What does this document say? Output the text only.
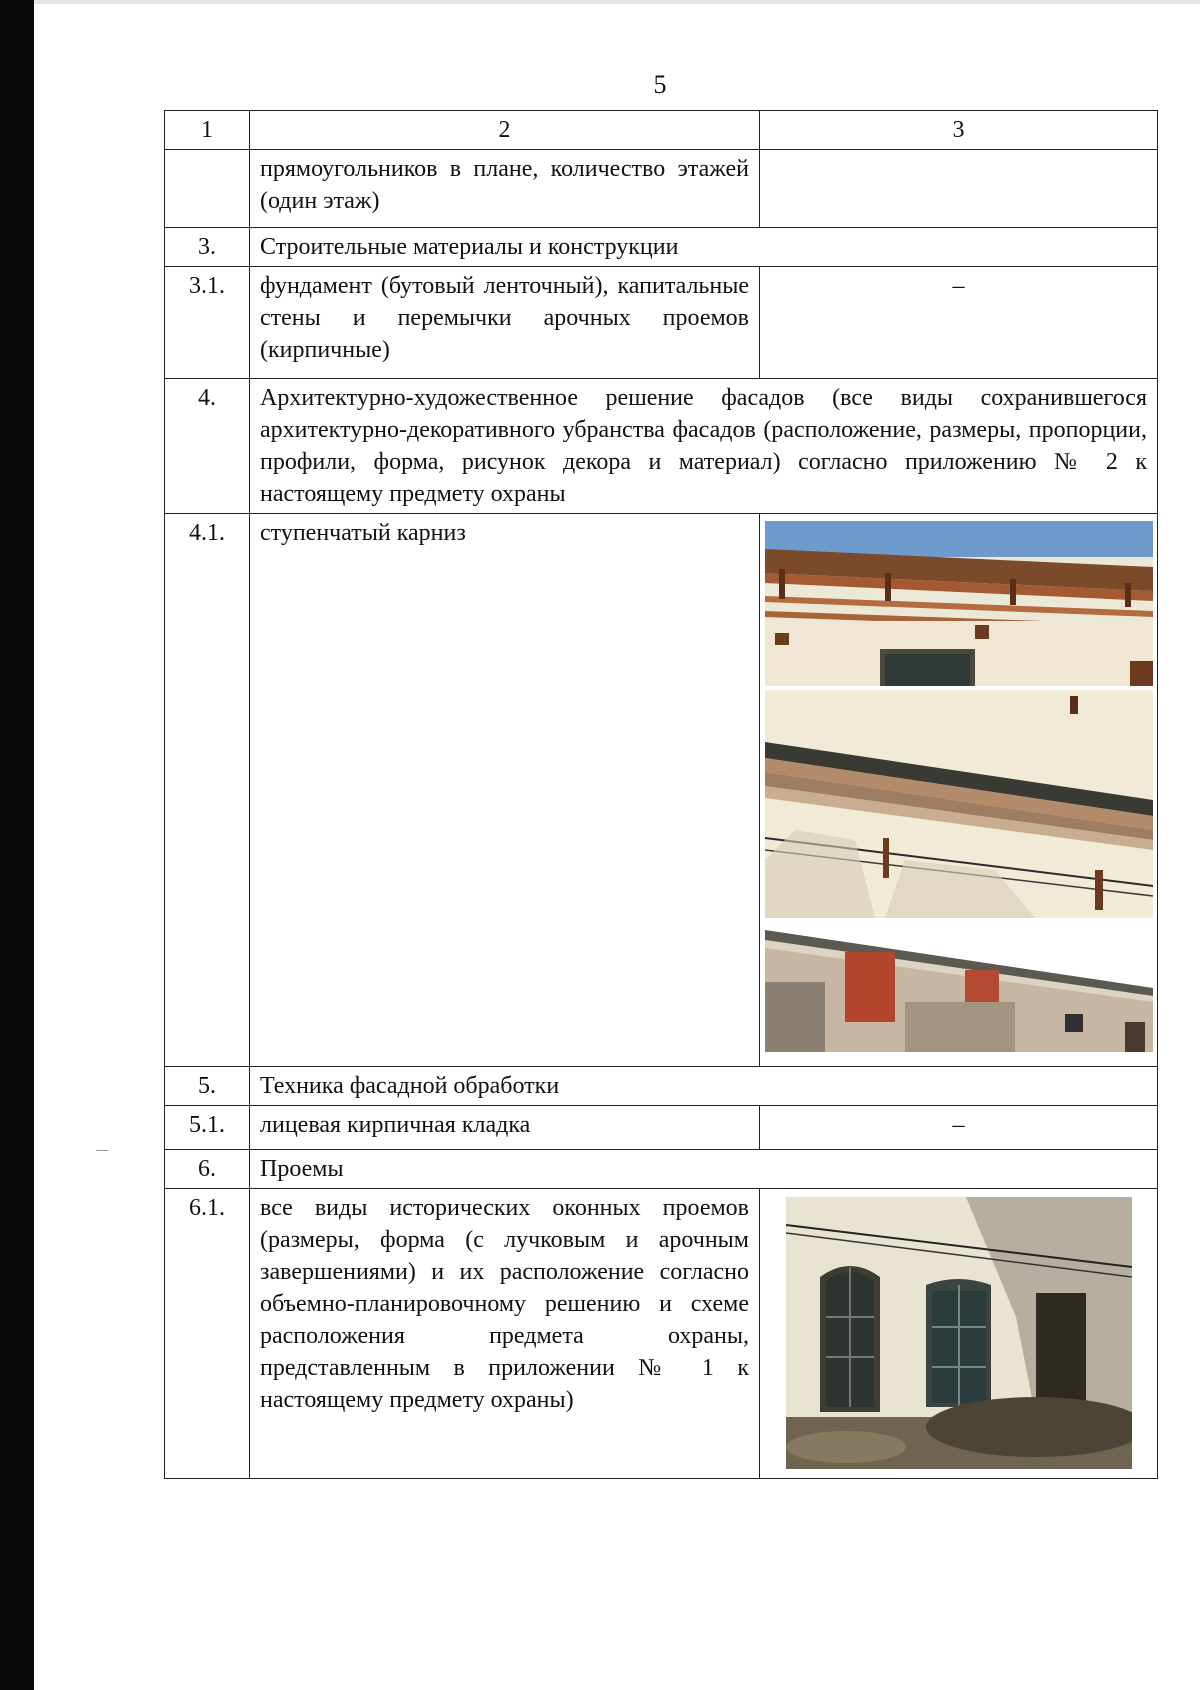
5
1	2	3
	прямоугольников в плане, количество этажей (один этаж)	
3.	Строительные материалы и конструкции	
3.1.	фундамент (бутовый ленточный), капитальные стены и перемычки арочных проемов (кирпичные)	–
4.	Архитектурно-художественное решение фасадов (все виды сохранившегося архитектурно-декоративного убранства фасадов (расположение, размеры, пропорции, профили, форма, рисунок декора и материал) согласно приложению № 2 к настоящему предмету охраны	
4.1.	ступенчатый карниз	

5.	Техника фасадной обработки	
5.1.	лицевая кирпичная кладка	–
6.	Проемы	
6.1.	все виды исторических оконных проемов (размеры, форма (с лучковым и арочным завершениями) и их расположение согласно объемно-планировочному решению и схеме расположения предмета охраны, представленным в приложении № 1 к настоящему предмету охраны)	
